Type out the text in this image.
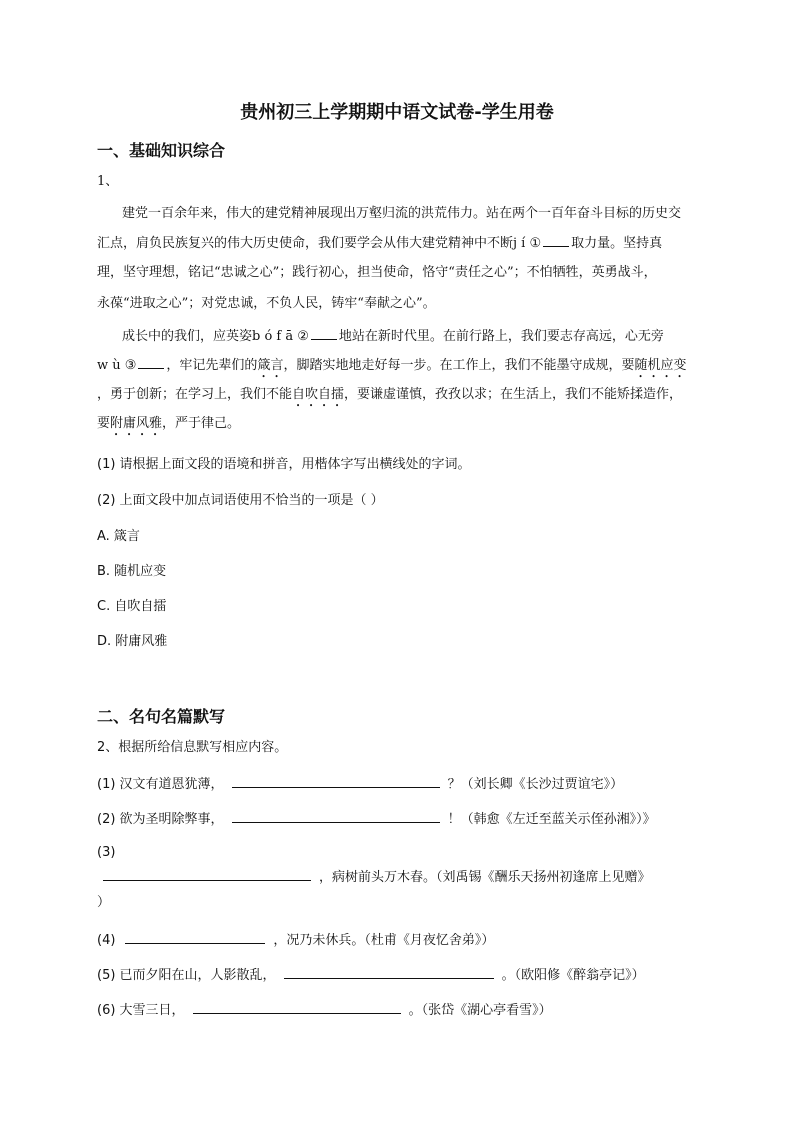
贵州初三上学期期中语文试卷-学生用卷
一、基础知识综合
1、
建党一百余年来，伟大的建党精神展现出万壑归流的洪荒伟力。站在两个一百年奋斗目标的历史交
汇点，肩负民族复兴的伟大历史使命，我们要学会从伟大建党精神中不断j í ① 取力量。坚持真
理，坚守理想，铭记“忠诚之心”；践行初心，担当使命，恪守“责任之心”；不怕牺牲，英勇战斗，
永葆“进取之心”；对党忠诚，不负人民，铸牢“奉献之心”。
成长中的我们，应英姿b ó f ā ② 地站在新时代里。在前行路上，我们要志存高远，心无旁
w ù ③ ，牢记先辈们的箴言，脚踏实地地走好每一步。在工作上，我们不能墨守成规，要随机应变
，勇于创新；在学习上，我们不能自吹自擂，要谦虚谨慎，孜孜以求；在生活上，我们不能矫揉造作，
要附庸风雅，严于律己。
(1) 请根据上面文段的语境和拼音，用楷体字写出横线处的字词。
(2) 上面文段中加点词语使用不恰当的一项是（ ）
A. 箴言
B. 随机应变
C. 自吹自擂
D. 附庸风雅
二、名句名篇默写
2、根据所给信息默写相应内容。
(1) 汉文有道恩犹薄，	？（刘长卿《长沙过贾谊宅》）
(2) 欲为圣明除弊事，	！（韩愈《左迁至蓝关示侄孙湘》）》
(3)
，病树前头万木春。（刘禹锡《酬乐天扬州初逢席上见赠》
）
(4)	，况乃未休兵。（杜甫《月夜忆舍弟》）
(5) 已而夕阳在山，人影散乱，	。（欧阳修《醉翁亭记》）
(6) 大雪三日，	。（张岱《湖心亭看雪》）
